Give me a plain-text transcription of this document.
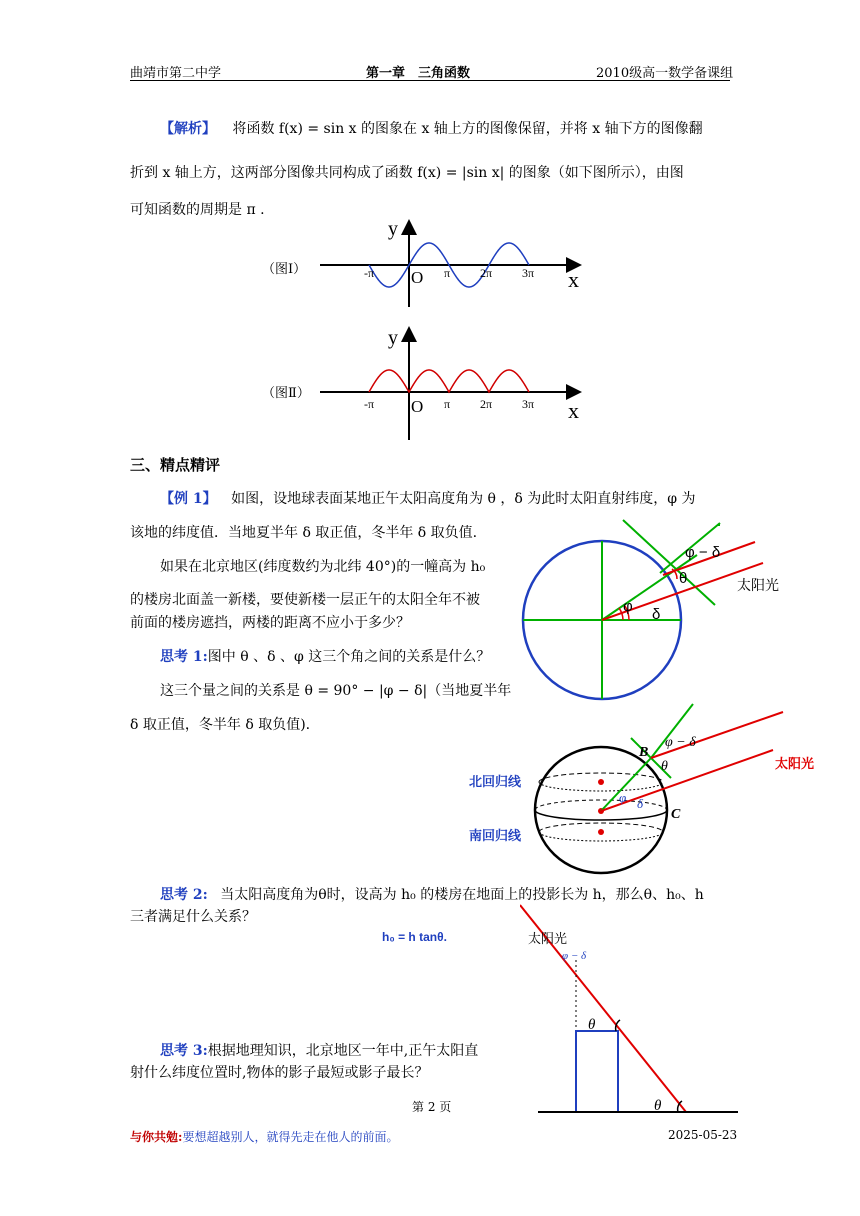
曲靖市第二中学	第一章　三角函数	2010级高一数学备课组
【解析】 将函数 f(x) = sin x 的图象在 x 轴上方的图像保留，并将 x 轴下方的图像翻
折到 x 轴上方，这两部分图像共同构成了函数 f(x) = |sin x| 的图象（如下图所示），由图
可知函数的周期是 π .
（图Ⅰ）
y
x
O
-π	π 2π 3π
（图Ⅱ）
y
x
O
-π	π 2π 3π
三、精点精评
【例 1】 如图，设地球表面某地正午太阳高度角为 θ ，δ 为此时太阳直射纬度，φ 为
该地的纬度值．当地夏半年 δ 取正值，冬半年 δ 取负值.
如果在北京地区(纬度数约为北纬 40°)的一幢高为 h₀
的楼房北面盖一新楼，要使新楼一层正午的太阳全年不被
前面的楼房遮挡，两楼的距离不应小于多少？
思考 1:图中 θ 、δ 、φ 这三个角之间的关系是什么？
这三个量之间的关系是 θ = 90° − |φ − δ|（当地夏半年
δ 取正值，冬半年 δ 取负值).
φ − δ
θ
φ δ
太阳光
B
C
φ − δ
θ
φ δ
北回归线
南回归线
太阳光
思考 2: 当太阳高度角为θ时，设高为 h₀ 的楼房在地面上的投影长为 h，那么θ、h₀、h
三者满足什么关系？
h₀ = h tanθ.	太阳光
φ − δ
θ
θ
思考 3:根据地理知识，北京地区一年中,正午太阳直
射什么纬度位置时,物体的影子最短或影子最长？
第 2 页
与你共勉:要想超越别人，就得先走在他人的前面。	2025-05-23
